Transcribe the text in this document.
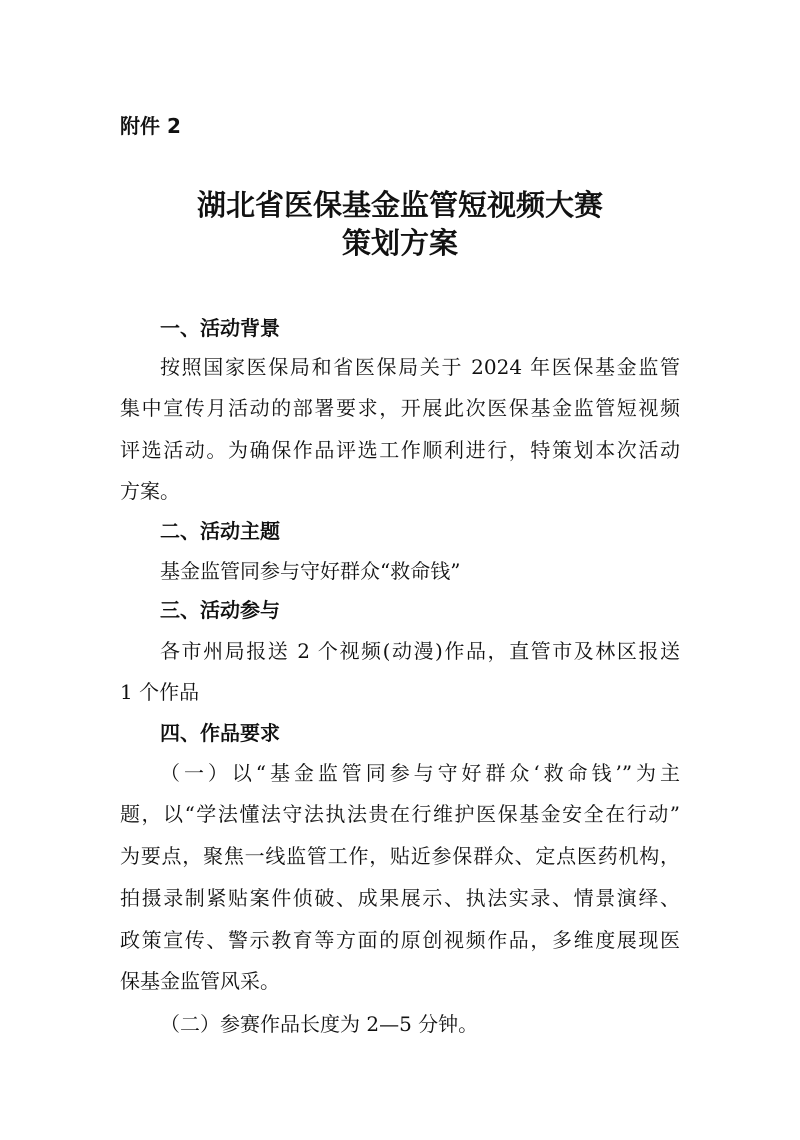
附件 2
湖北省医保基金监管短视频大赛
策划方案
一、活动背景
按照国家医保局和省医保局关于 2024 年医保基金监管
集中宣传月活动的部署要求，开展此次医保基金监管短视频
评选活动。为确保作品评选工作顺利进行，特策划本次活动
方案。
二、活动主题
基金监管同参与守好群众“救命钱”
三、活动参与
各市州局报送 2 个视频(动漫)作品，直管市及林区报送
1 个作品
四、作品要求
（一）以“基金监管同参与守好群众‘救命钱’”为主
题，以“学法懂法守法执法贵在行维护医保基金安全在行动”
为要点，聚焦一线监管工作，贴近参保群众、定点医药机构，
拍摄录制紧贴案件侦破、成果展示、执法实录、情景演绎、
政策宣传、警示教育等方面的原创视频作品，多维度展现医
保基金监管风采。
（二）参赛作品长度为 2—5 分钟。
